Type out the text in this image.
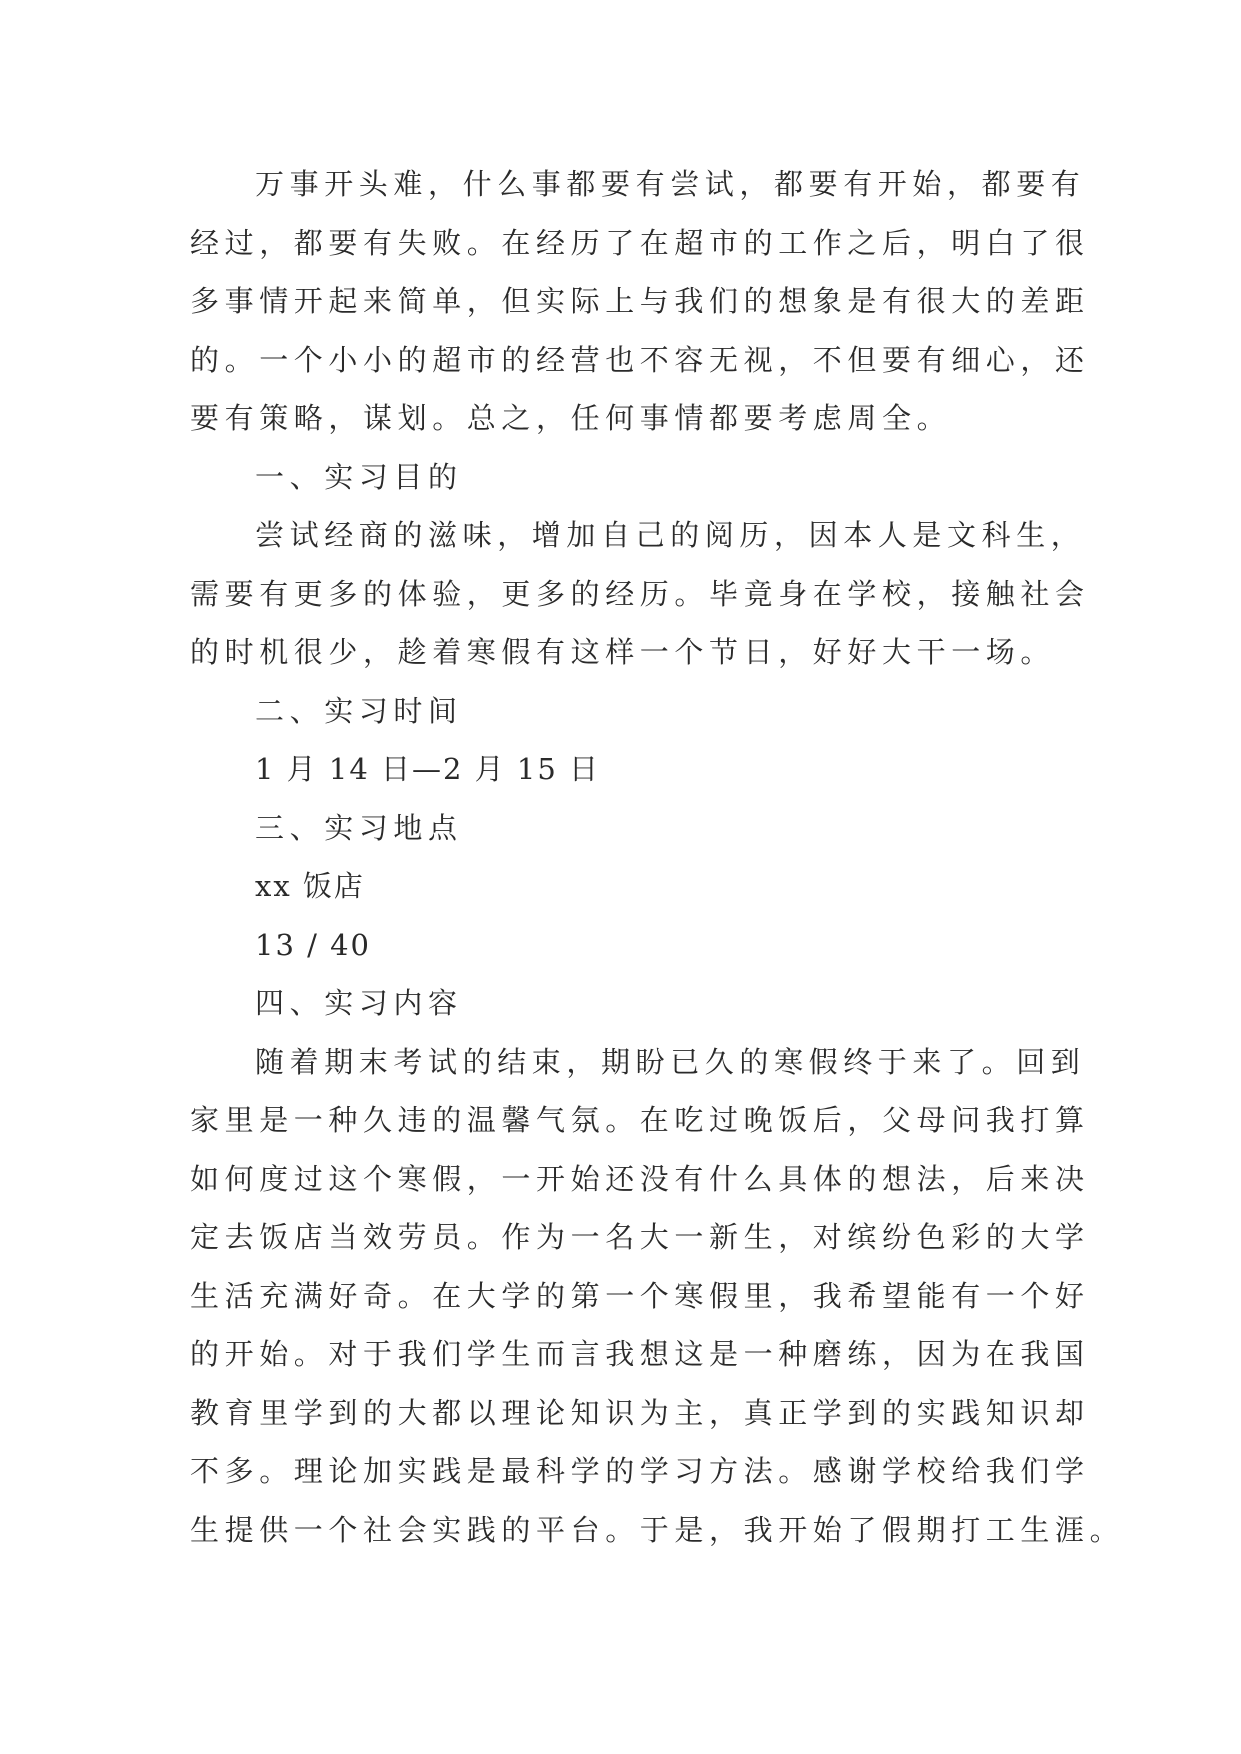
万事开头难，什么事都要有尝试，都要有开始，都要有
经过，都要有失败。在经历了在超市的工作之后，明白了很
多事情开起来简单，但实际上与我们的想象是有很大的差距
的。一个小小的超市的经营也不容无视，不但要有细心，还
要有策略，谋划。总之，任何事情都要考虑周全。
一、实习目的
尝试经商的滋味，增加自己的阅历，因本人是文科生，
需要有更多的体验，更多的经历。毕竟身在学校，接触社会
的时机很少，趁着寒假有这样一个节日，好好大干一场。
二、实习时间
1 月 14 日—2 月 15 日
三、实习地点
xx 饭店
13 / 40
四、实习内容
随着期末考试的结束，期盼已久的寒假终于来了。回到
家里是一种久违的温馨气氛。在吃过晚饭后，父母问我打算
如何度过这个寒假，一开始还没有什么具体的想法，后来决
定去饭店当效劳员。作为一名大一新生，对缤纷色彩的大学
生活充满好奇。在大学的第一个寒假里，我希望能有一个好
的开始。对于我们学生而言我想这是一种磨练，因为在我国
教育里学到的大都以理论知识为主，真正学到的实践知识却
不多。理论加实践是最科学的学习方法。感谢学校给我们学
生提供一个社会实践的平台。于是，我开始了假期打工生涯。
